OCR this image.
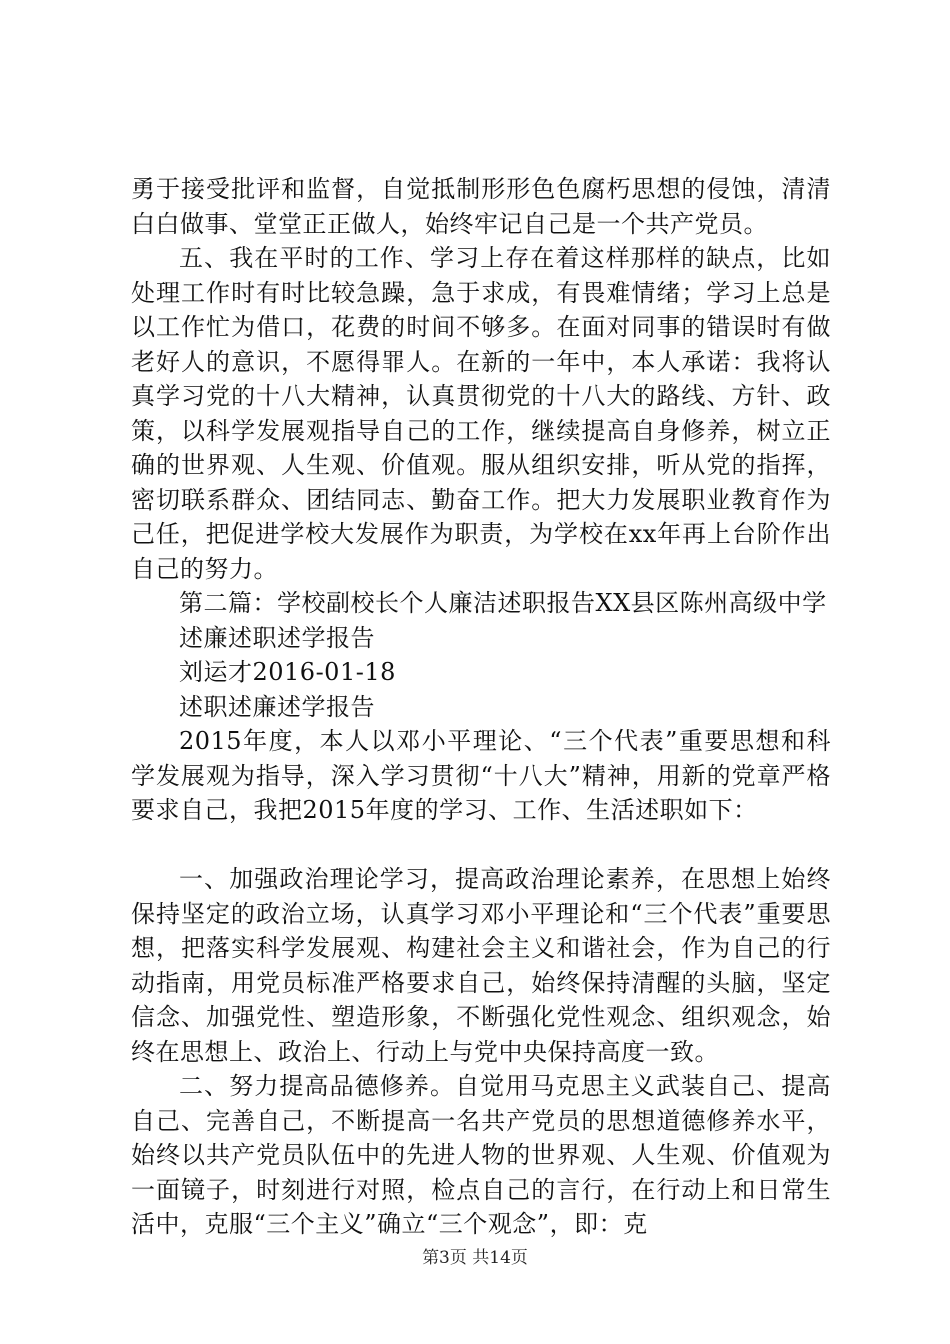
勇于接受批评和监督，自觉抵制形形色色腐朽思想的侵蚀，清清白白做事、堂堂正正做人，始终牢记自己是一个共产党员。

五、我在平时的工作、学习上存在着这样那样的缺点，比如处理工作时有时比较急躁，急于求成，有畏难情绪；学习上总是以工作忙为借口，花费的时间不够多。在面对同事的错误时有做老好人的意识，不愿得罪人。在新的一年中，本人承诺：我将认真学习党的十八大精神，认真贯彻党的十八大的路线、方针、政策，以科学发展观指导自己的工作，继续提高自身修养，树立正确的世界观、人生观、价值观。服从组织安排，听从党的指挥，密切联系群众、团结同志、勤奋工作。把大力发展职业教育作为己任，把促进学校大发展作为职责，为学校在xx年再上台阶作出自己的努力。

第二篇：学校副校长个人廉洁述职报告XX县区陈州高级中学

述廉述职述学报告

刘运才2016-01-18

述职述廉述学报告

2015年度，本人以邓小平理论、“三个代表”重要思想和科学发展观为指导，深入学习贯彻“十八大”精神，用新的党章严格要求自己，我把2015年度的学习、工作、生活述职如下：

一、加强政治理论学习，提高政治理论素养，在思想上始终保持坚定的政治立场，认真学习邓小平理论和“三个代表”重要思想，把落实科学发展观、构建社会主义和谐社会，作为自己的行动指南，用党员标准严格要求自己，始终保持清醒的头脑，坚定信念、加强党性、塑造形象，不断强化党性观念、组织观念，始终在思想上、政治上、行动上与党中央保持高度一致。

二、努力提高品德修养。自觉用马克思主义武装自己、提高自己、完善自己，不断提高一名共产党员的思想道德修养水平，始终以共产党员队伍中的先进人物的世界观、人生观、价值观为一面镜子，时刻进行对照，检点自己的言行，在行动上和日常生活中，克服“三个主义”确立“三个观念”，即：克

第3页 共14页
